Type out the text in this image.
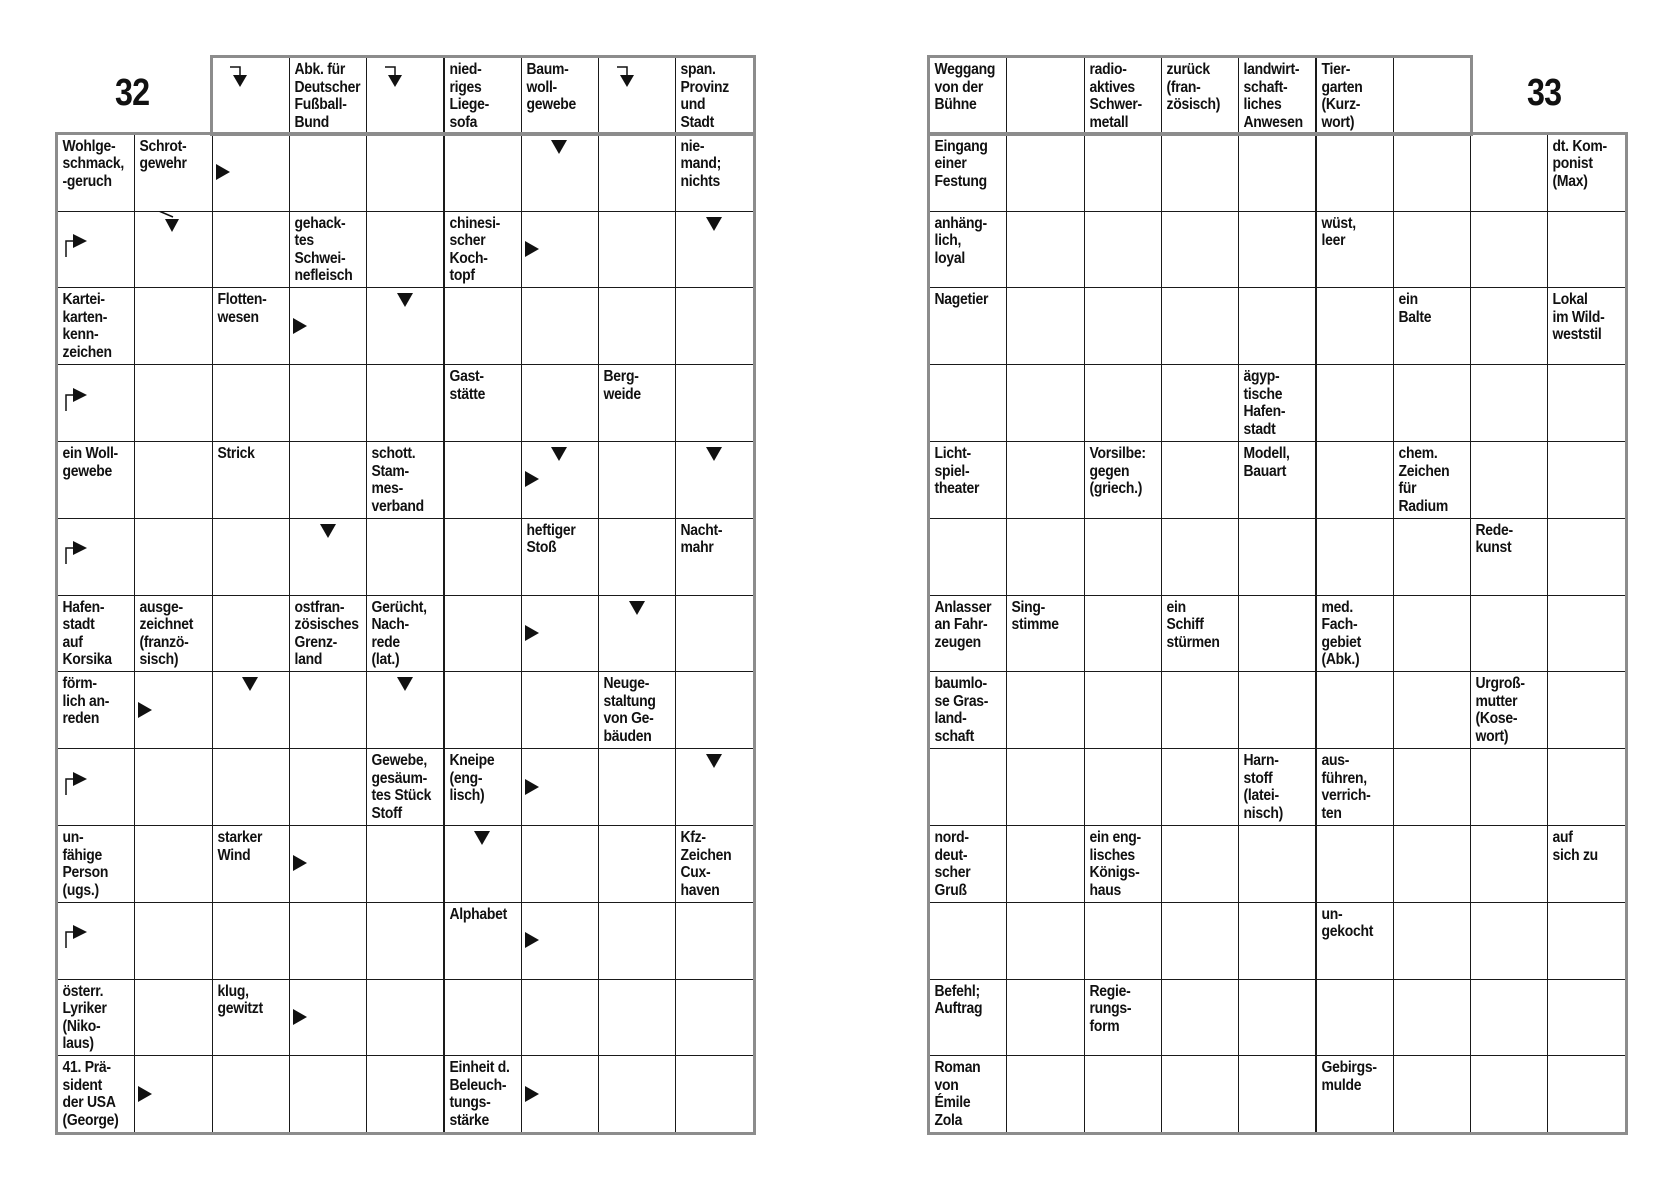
32
Abk. für
Deutscher
Fußball-
Bund
nied-
riges
Liege-
sofa
Baum-
woll-
gewebe
span.
Provinz
und
Stadt
Wohlge-
schmack,
-geruch
Schrot-
gewehr
nie-
mand;
nichts
gehack-
tes
Schwei-
nefleisch
chinesi-
scher
Koch-
topf
Kartei-
karten-
kenn-
zeichen
Flotten-
wesen
Gast-
stätte
Berg-
weide
ein Woll-
gewebe
Strick	schott.
Stam-
mes-
verband
heftiger
Stoß
Nacht-
mahr
Hafen-
stadt
auf
Korsika
ausge-
zeichnet
(franzö-
sisch)
ostfran-
zösisches
Grenz-
land
Gerücht,
Nach-
rede
(lat.)
förm-
lich an-
reden
Neuge-
staltung
von Ge-
bäuden
Gewebe,
gesäum-
tes Stück
Stoff
Kneipe
(eng-
lisch)
un-
fähige
Person
(ugs.)
starker
Wind
Kfz-
Zeichen
Cux-
haven
Alphabet
österr.
Lyriker
(Niko-
laus)
klug,
gewitzt
41. Prä-
sident
der USA
(George)
Einheit d.
Beleuch-
tungs-
stärke
33
Weggang
von der
Bühne
radio-
aktives
Schwer-
metall
zurück
(fran-
zösisch)
landwirt-
schaft-
liches
Anwesen
Tier-
garten
(Kurz-
wort)
Eingang
einer
Festung
dt. Kom-
ponist
(Max)
anhäng-
lich,
loyal
wüst,
leer
Nagetier	ein
Balte
Lokal
im Wild-
weststil
ägyp-
tische
Hafen-
stadt
Licht-
spiel-
theater
Vorsilbe:
gegen
(griech.)
Modell,
Bauart
chem.
Zeichen
für
Radium
Rede-
kunst
Anlasser
an Fahr-
zeugen
Sing-
stimme
ein
Schiff
stürmen
med.
Fach-
gebiet
(Abk.)
baumlo-
se Gras-
land-
schaft
Urgroß-
mutter
(Kose-
wort)
Harn-
stoff
(latei-
nisch)
aus-
führen,
verrich-
ten
nord-
deut-
scher
Gruß
ein eng-
lisches
Königs-
haus
auf
sich zu
un-
gekocht
Befehl;
Auftrag
Regie-
rungs-
form
Roman
von
Émile
Zola
Gebirgs-
mulde
